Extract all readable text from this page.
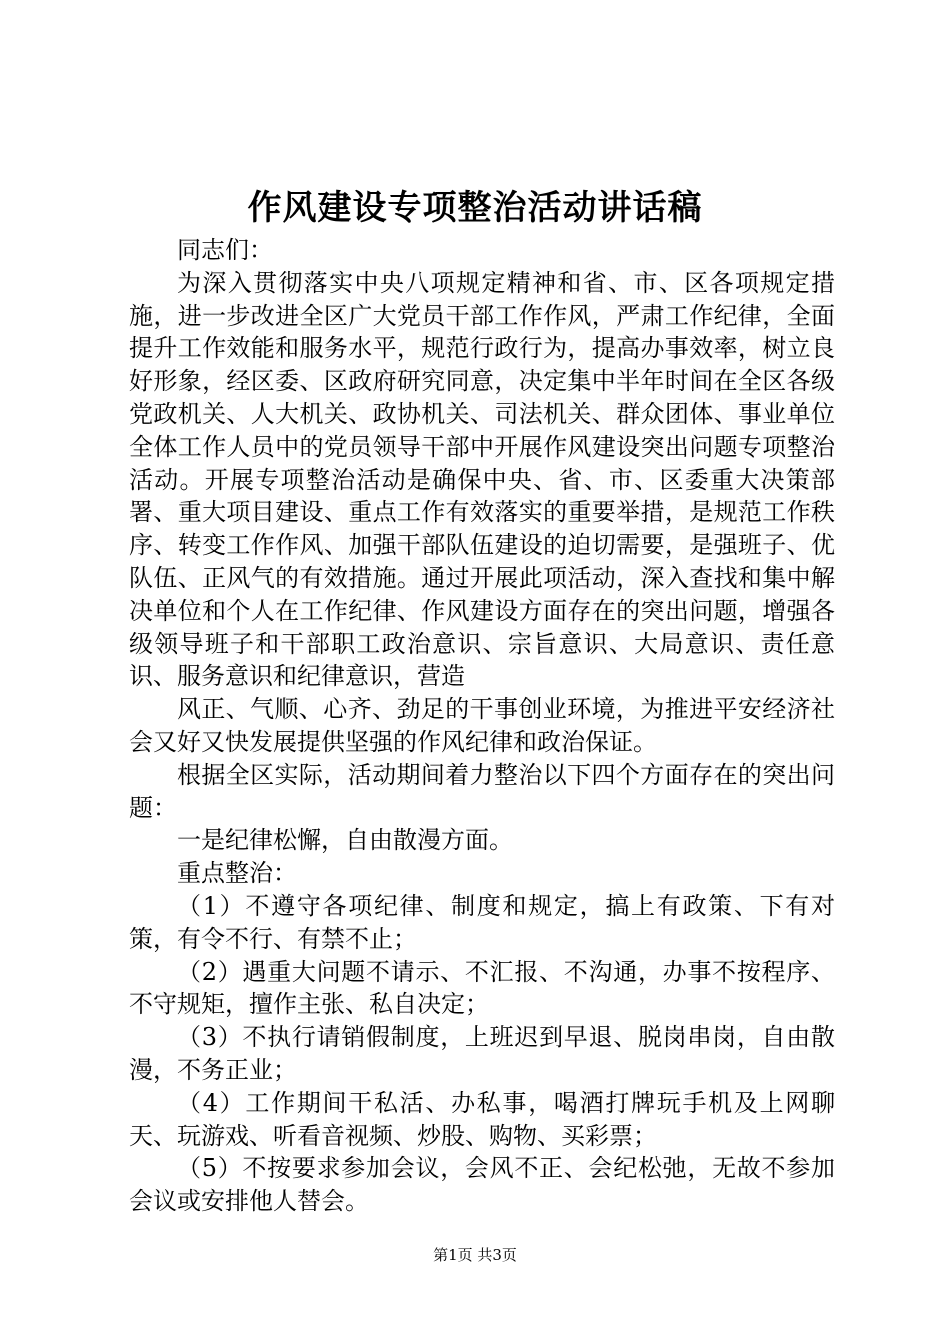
作风建设专项整治活动讲话稿

同志们：

为深入贯彻落实中央八项规定精神和省、市、区各项规定措施，进一步改进全区广大党员干部工作作风，严肃工作纪律，全面提升工作效能和服务水平，规范行政行为，提高办事效率，树立良好形象，经区委、区政府研究同意，决定集中半年时间在全区各级党政机关、人大机关、政协机关、司法机关、群众团体、事业单位全体工作人员中的党员领导干部中开展作风建设突出问题专项整治活动。开展专项整治活动是确保中央、省、市、区委重大决策部署、重大项目建设、重点工作有效落实的重要举措，是规范工作秩序、转变工作作风、加强干部队伍建设的迫切需要，是强班子、优队伍、正风气的有效措施。通过开展此项活动，深入查找和集中解决单位和个人在工作纪律、作风建设方面存在的突出问题，增强各级领导班子和干部职工政治意识、宗旨意识、大局意识、责任意识、服务意识和纪律意识，营造

风正、气顺、心齐、劲足的干事创业环境，为推进平安经济社会又好又快发展提供坚强的作风纪律和政治保证。

根据全区实际，活动期间着力整治以下四个方面存在的突出问题：

一是纪律松懈，自由散漫方面。

重点整治：

（1）不遵守各项纪律、制度和规定，搞上有政策、下有对策，有令不行、有禁不止；

（2）遇重大问题不请示、不汇报、不沟通，办事不按程序、不守规矩，擅作主张、私自决定；

（3）不执行请销假制度，上班迟到早退、脱岗串岗，自由散漫，不务正业；

（4）工作期间干私活、办私事，喝酒打牌玩手机及上网聊天、玩游戏、听看音视频、炒股、购物、买彩票；

（5）不按要求参加会议，会风不正、会纪松弛，无故不参加会议或安排他人替会。

第1页 共3页
